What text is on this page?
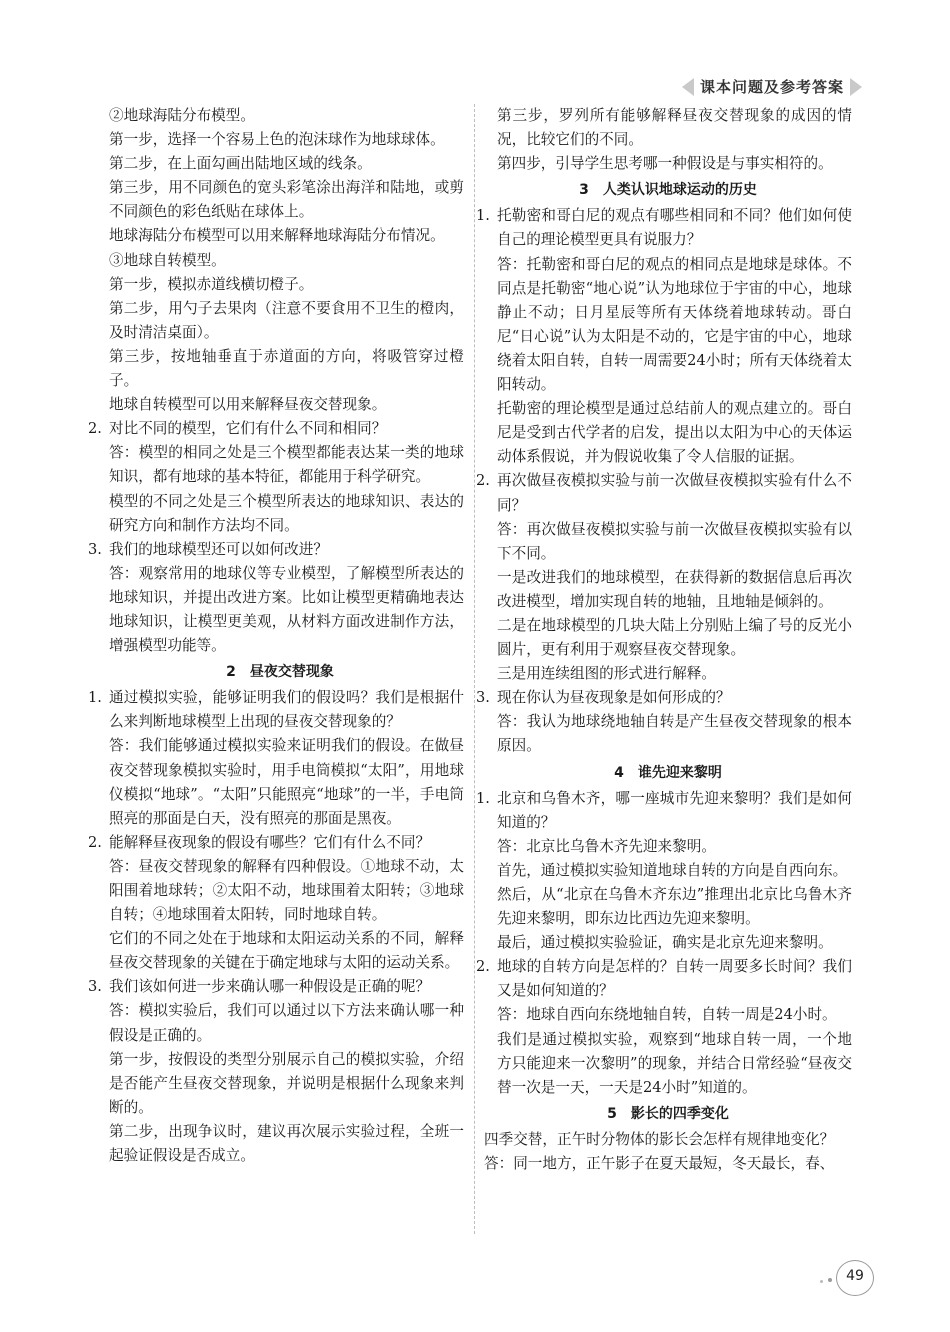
课本问题及参考答案
②地球海陆分布模型。
第一步，选择一个容易上色的泡沫球作为地球球体。
第二步，在上面勾画出陆地区域的线条。
第三步，用不同颜色的宽头彩笔涂出海洋和陆地，或剪不同颜色的彩色纸贴在球体上。
地球海陆分布模型可以用来解释地球海陆分布情况。
③地球自转模型。
第一步，模拟赤道线横切橙子。
第二步，用勺子去果肉（注意不要食用不卫生的橙肉，及时清洁桌面）。
第三步，按地轴垂直于赤道面的方向，将吸管穿过橙子。
地球自转模型可以用来解释昼夜交替现象。
2. 对比不同的模型，它们有什么不同和相同？
答：模型的相同之处是三个模型都能表达某一类的地球知识，都有地球的基本特征，都能用于科学研究。
模型的不同之处是三个模型所表达的地球知识、表达的研究方向和制作方法均不同。
3. 我们的地球模型还可以如何改进？
答：观察常用的地球仪等专业模型，了解模型所表达的地球知识，并提出改进方案。比如让模型更精确地表达地球知识，让模型更美观，从材料方面改进制作方法，增强模型功能等。
2　昼夜交替现象
1. 通过模拟实验，能够证明我们的假设吗？我们是根据什么来判断地球模型上出现的昼夜交替现象的？
答：我们能够通过模拟实验来证明我们的假设。在做昼夜交替现象模拟实验时，用手电筒模拟“太阳”，用地球仪模拟“地球”。“太阳”只能照亮“地球”的一半，手电筒照亮的那面是白天，没有照亮的那面是黑夜。
2. 能解释昼夜现象的假设有哪些？它们有什么不同？
答：昼夜交替现象的解释有四种假设。①地球不动，太阳围着地球转；②太阳不动，地球围着太阳转；③地球自转；④地球围着太阳转，同时地球自转。
它们的不同之处在于地球和太阳运动关系的不同，解释昼夜交替现象的关键在于确定地球与太阳的运动关系。
3. 我们该如何进一步来确认哪一种假设是正确的呢？
答：模拟实验后，我们可以通过以下方法来确认哪一种假设是正确的。
第一步，按假设的类型分别展示自己的模拟实验，介绍是否能产生昼夜交替现象，并说明是根据什么现象来判断的。
第二步，出现争议时，建议再次展示实验过程，全班一起验证假设是否成立。
第三步，罗列所有能够解释昼夜交替现象的成因的情况，比较它们的不同。
第四步，引导学生思考哪一种假设是与事实相符的。
3　人类认识地球运动的历史
1. 托勒密和哥白尼的观点有哪些相同和不同？他们如何使自己的理论模型更具有说服力？
答：托勒密和哥白尼的观点的相同点是地球是球体。不同点是托勒密“地心说”认为地球位于宇宙的中心，地球静止不动；日月星辰等所有天体绕着地球转动。哥白尼“日心说”认为太阳是不动的，它是宇宙的中心，地球绕着太阳自转，自转一周需要24小时；所有天体绕着太阳转动。
托勒密的理论模型是通过总结前人的观点建立的。哥白尼是受到古代学者的启发，提出以太阳为中心的天体运动体系假说，并为假说收集了令人信服的证据。
2. 再次做昼夜模拟实验与前一次做昼夜模拟实验有什么不同？
答：再次做昼夜模拟实验与前一次做昼夜模拟实验有以下不同。
一是改进我们的地球模型，在获得新的数据信息后再次改进模型，增加实现自转的地轴，且地轴是倾斜的。
二是在地球模型的几块大陆上分别贴上编了号的反光小圆片，更有利用于观察昼夜交替现象。
三是用连续组图的形式进行解释。
3. 现在你认为昼夜现象是如何形成的？
答：我认为地球绕地轴自转是产生昼夜交替现象的根本原因。
4　谁先迎来黎明
1. 北京和乌鲁木齐，哪一座城市先迎来黎明？我们是如何知道的？
答：北京比乌鲁木齐先迎来黎明。
首先，通过模拟实验知道地球自转的方向是自西向东。
然后，从“北京在乌鲁木齐东边”推理出北京比乌鲁木齐先迎来黎明，即东边比西边先迎来黎明。
最后，通过模拟实验验证，确实是北京先迎来黎明。
2. 地球的自转方向是怎样的？自转一周要多长时间？我们又是如何知道的？
答：地球自西向东绕地轴自转，自转一周是24小时。
我们是通过模拟实验，观察到“地球自转一周，一个地方只能迎来一次黎明”的现象，并结合日常经验“昼夜交替一次是一天，一天是24小时”知道的。
5　影长的四季变化
四季交替，正午时分物体的影长会怎样有规律地变化？
答：同一地方，正午影子在夏天最短，冬天最长，春、
49
